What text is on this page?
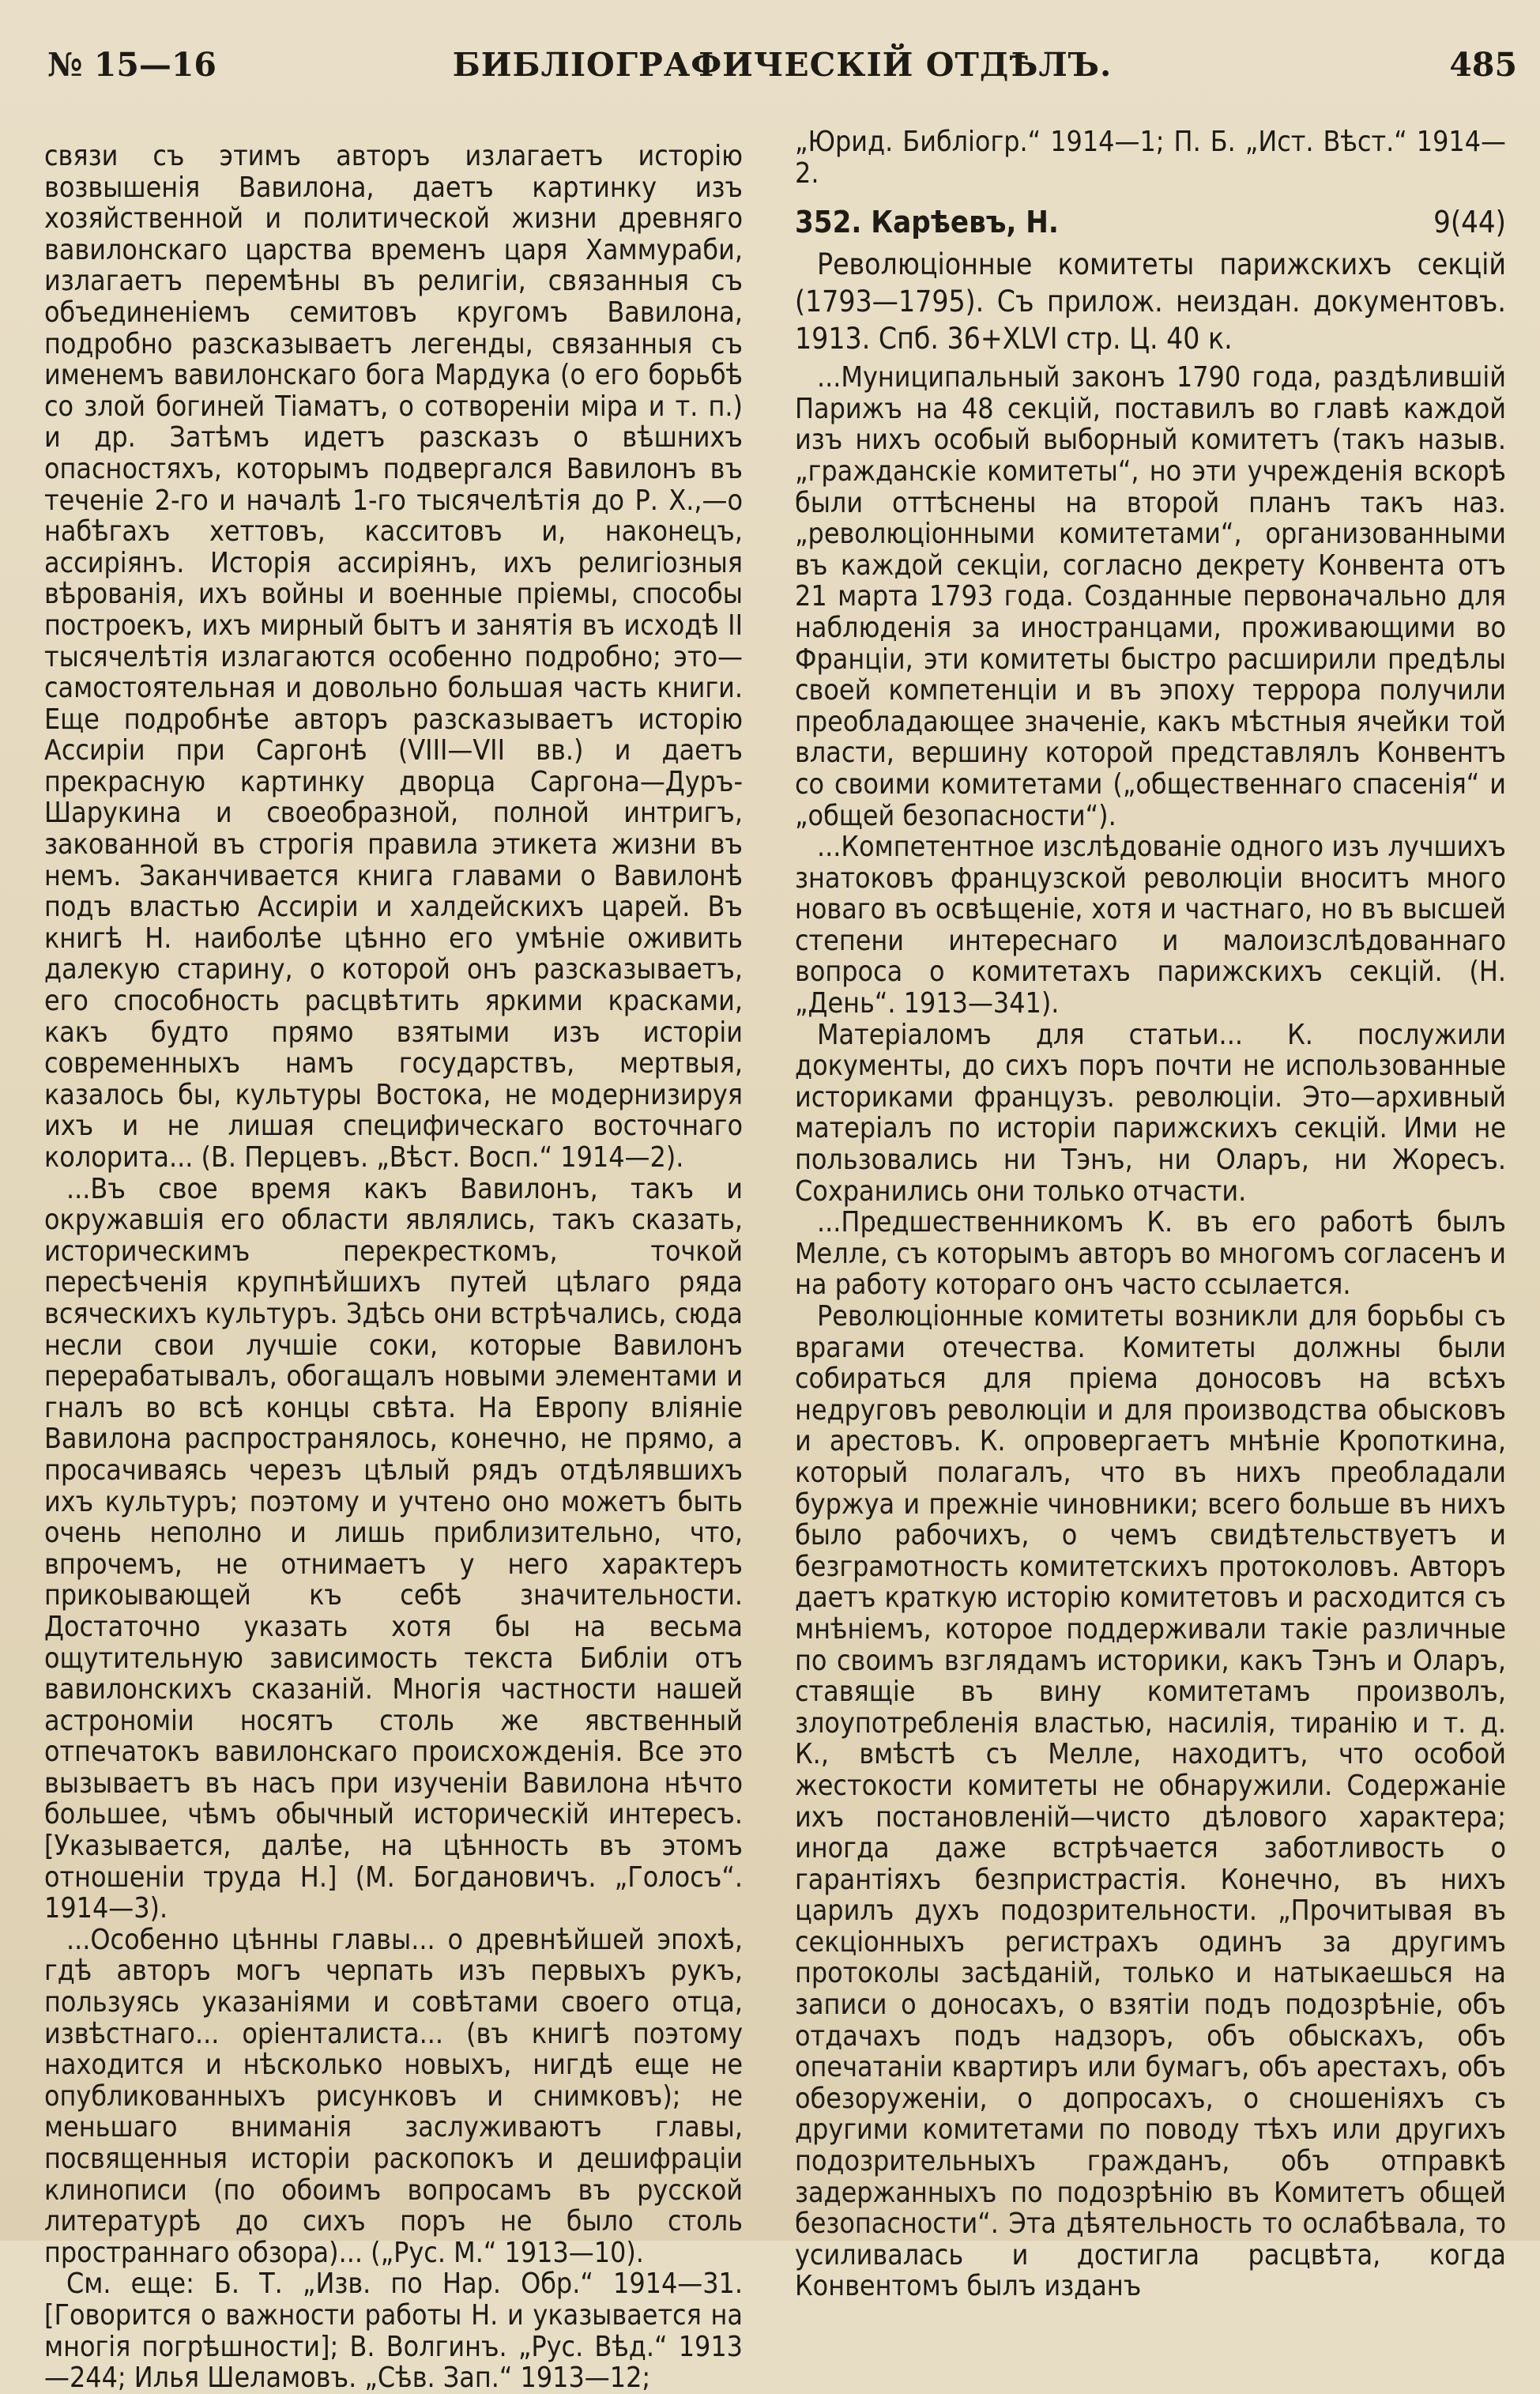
№ 15—16	БИБЛІОГРАФИЧЕСКІЙ ОТДѢЛЪ.	485

связи съ этимъ авторъ излагаетъ исторію возвышенія Вавилона, даетъ картинку изъ хозяйственной и политической жизни древняго вавилонскаго царства временъ царя Хаммураби, излагаетъ перемѣны въ религіи, связанныя съ объединеніемъ семитовъ кругомъ Вавилона, подробно разсказываетъ легенды, связанныя съ именемъ вавилонскаго бога Мардука (о его борьбѣ со злой богиней Тіаматъ, о сотвореніи міра и т. п.) и др. Затѣмъ идетъ разсказъ о вѣшнихъ опасностяхъ, которымъ подвергался Вавилонъ въ теченіе 2-го и началѣ 1-го тысячелѣтія до Р. Х.,—о набѣгахъ хеттовъ, касситовъ и, наконецъ, ассиріянъ. Исторія ассиріянъ, ихъ религіозныя вѣрованія, ихъ войны и военные пріемы, способы построекъ, ихъ мирный бытъ и занятія въ исходѣ II тысячелѣтія излагаются особенно подробно; это—самостоятельная и довольно большая часть книги. Еще подробнѣе авторъ разсказываетъ исторію Ассиріи при Саргонѣ (VIII—VII вв.) и даетъ прекрасную картинку дворца Саргона—Дуръ-Шарукина и своеобразной, полной интригъ, закованной въ строгія правила этикета жизни въ немъ. Заканчивается книга главами о Вавилонѣ подъ властью Ассиріи и халдейскихъ царей. Въ книгѣ Н. наиболѣе цѣнно его умѣніе оживить далекую старину, о которой онъ разсказываетъ, его способность расцвѣтить яркими красками, какъ будто прямо взятыми изъ исторіи современныхъ намъ государствъ, мертвыя, казалось бы, культуры Востока, не модернизируя ихъ и не лишая специфическаго восточнаго колорита... (В. Перцевъ. „Вѣст. Восп.“ 1914—2).

...Въ свое время какъ Вавилонъ, такъ и окружавшія его области являлись, такъ сказать, историческимъ перекресткомъ, точкой пересѣченія крупнѣйшихъ путей цѣлаго ряда всяческихъ культуръ. Здѣсь они встрѣчались, сюда несли свои лучшіе соки, которые Вавилонъ перерабатывалъ, обогащалъ новыми элементами и гналъ во всѣ концы свѣта. На Европу вліяніе Вавилона распространялось, конечно, не прямо, а просачиваясь черезъ цѣлый рядъ отдѣлявшихъ ихъ культуръ; поэтому и учтено оно можетъ быть очень неполно и лишь приблизительно, что, впрочемъ, не отнимаетъ у него характеръ прикоывающей къ себѣ значительности. Достаточно указать хотя бы на весьма ощутительную зависимость текста Библіи отъ вавилонскихъ сказаній. Многія частности нашей астрономіи носятъ столь же явственный отпечатокъ вавилонскаго происхожденія. Все это вызываетъ въ насъ при изученіи Вавилона нѣчто большее, чѣмъ обычный историческій интересъ. [Указывается, далѣе, на цѣнность въ этомъ отношеніи труда Н.] (М. Богдановичъ. „Голосъ“. 1914—3).

...Особенно цѣнны главы... о древнѣйшей эпохѣ, гдѣ авторъ могъ черпать изъ первыхъ рукъ, пользуясь указаніями и совѣтами своего отца, извѣстнаго... оріенталиста... (въ книгѣ поэтому находится и нѣсколько новыхъ, нигдѣ еще не опубликованныхъ рисунковъ и снимковъ); не меньшаго вниманія заслуживаютъ главы, посвященныя исторіи раскопокъ и дешифраціи клинописи (по обоимъ вопросамъ въ русской литературѣ до сихъ поръ не было столь пространнаго обзора)... („Рус. М.“ 1913—10).

См. еще: Б. Т. „Изв. по Нар. Обр.“ 1914—31. [Говорится о важности работы Н. и указывается на многія погрѣшности]; В. Волгинъ. „Рус. Вѣд.“ 1913—244; Илья Шеламовъ. „Сѣв. Зап.“ 1913—12;

„Юрид. Библіогр.“ 1914—1; П. Б. „Ист. Вѣст.“ 1914—2.

352. Карѣевъ, Н.	9(44)
Революціонные комитеты парижскихъ секцій (1793—1795). Съ прилож. неиздан. документовъ. 1913. Спб. 36+XLVI стр. Ц. 40 к.

...Муниципальный законъ 1790 года, раздѣлившій Парижъ на 48 секцій, поставилъ во главѣ каждой изъ нихъ особый выборный комитетъ (такъ назыв. „гражданскіе комитеты“, но эти учрежденія вскорѣ были оттѣснены на второй планъ такъ наз. „революціонными комитетами“, организованными въ каждой секціи, согласно декрету Конвента отъ 21 марта 1793 года. Созданные первоначально для наблюденія за иностранцами, проживающими во Франціи, эти комитеты быстро расширили предѣлы своей компетенціи и въ эпоху террора получили преобладающее значеніе, какъ мѣстныя ячейки той власти, вершину которой представлялъ Конвентъ со своими комитетами („общественнаго спасенія“ и „общей безопасности“).

...Компетентное изслѣдованіе одного изъ лучшихъ знатоковъ французской революціи вноситъ много новаго въ освѣщеніе, хотя и частнаго, но въ высшей степени интереснаго и малоизслѣдованнаго вопроса о комитетахъ парижскихъ секцій. (Н. „День“. 1913—341).

Матеріаломъ для статьи... К. послужили документы, до сихъ поръ почти не использованные историками французъ. революціи. Это—архивный матеріалъ по исторіи парижскихъ секцій. Ими не пользовались ни Тэнъ, ни Оларъ, ни Жоресъ. Сохранились они только отчасти.

...Предшественникомъ К. въ его работѣ былъ Мелле, съ которымъ авторъ во многомъ согласенъ и на работу котораго онъ часто ссылается.

Революціонные комитеты возникли для борьбы съ врагами отечества. Комитеты должны были собираться для пріема доносовъ на всѣхъ недруговъ революціи и для производства обысковъ и арестовъ. К. опровергаетъ мнѣніе Кропоткина, который полагалъ, что въ нихъ преобладали буржуа и прежніе чиновники; всего больше въ нихъ было рабочихъ, о чемъ свидѣтельствуетъ и безграмотность комитетскихъ протоколовъ. Авторъ даетъ краткую исторію комитетовъ и расходится съ мнѣніемъ, которое поддерживали такіе различные по своимъ взглядамъ историки, какъ Тэнъ и Оларъ, ставящіе въ вину комитетамъ произволъ, злоупотребленія властью, насилія, тиранію и т. д. К., вмѣстѣ съ Мелле, находитъ, что особой жестокости комитеты не обнаружили. Содержаніе ихъ постановленій—чисто дѣлового характера; иногда даже встрѣчается заботливость о гарантіяхъ безпристрастія. Конечно, въ нихъ царилъ духъ подозрительности. „Прочитывая въ секціонныхъ регистрахъ одинъ за другимъ протоколы засѣданій, только и натыкаешься на записи о доносахъ, о взятіи подъ подозрѣніе, объ отдачахъ подъ надзоръ, объ обыскахъ, объ опечатаніи квартиръ или бумагъ, объ арестахъ, объ обезоруженіи, о допросахъ, о сношеніяхъ съ другими комитетами по поводу тѣхъ или другихъ подозрительныхъ гражданъ, объ отправкѣ задержанныхъ по подозрѣнію въ Комитетъ общей безопасности“. Эта дѣятельность то ослабѣвала, то усиливалась и достигла расцвѣта, когда Конвентомъ былъ изданъ
